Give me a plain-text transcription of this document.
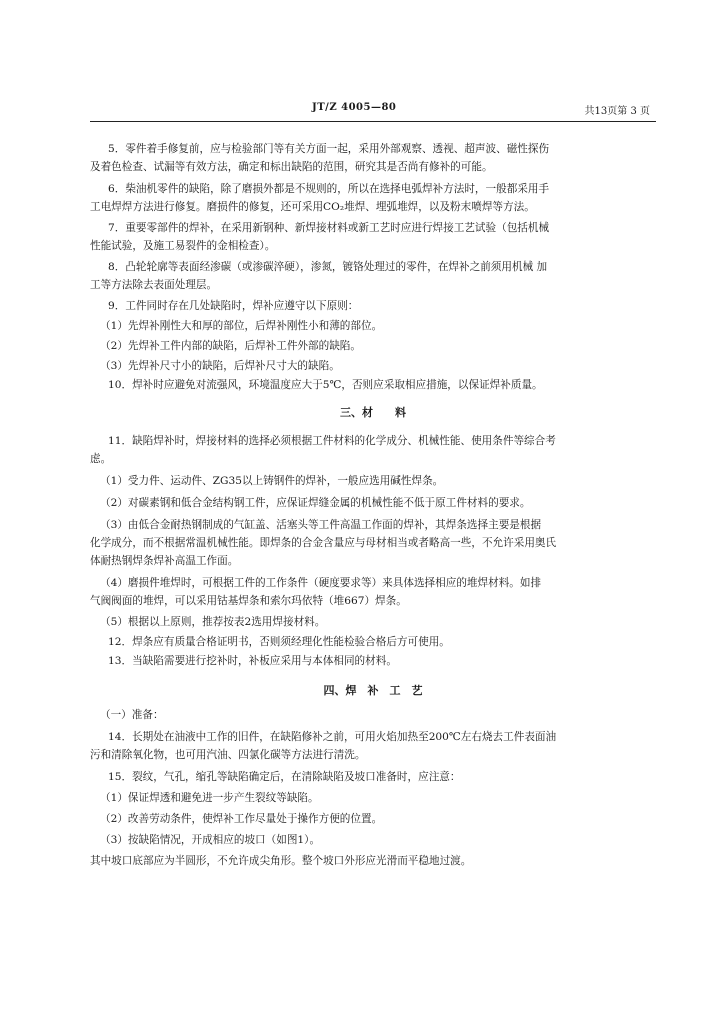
JT/Z 4005—80	共13页第 3 页
5．零件着手修复前，应与检验部门等有关方面一起，采用外部观察、透视、超声波、磁性探伤
及着色检查、试漏等有效方法，确定和标出缺陷的范围，研究其是否尚有修补的可能。
6．柴油机零件的缺陷，除了磨损外都是不规则的，所以在选择电弧焊补方法时，一般都采用手
工电焊焊方法进行修复。磨损件的修复，还可采用CO₂堆焊、埋弧堆焊，以及粉末喷焊等方法。
7．重要零部件的焊补，在采用新钢种、新焊接材料或新工艺时应进行焊接工艺试验（包括机械
性能试验，及施工易裂件的金相检查）。
8．凸轮轮廓等表面经渗碳（或渗碳淬硬），渗氮，镀铬处理过的零件，在焊补之前须用机械 加
工等方法除去表面处理层。
9．工件同时存在几处缺陷时，焊补应遵守以下原则：
（1）先焊补刚性大和厚的部位，后焊补刚性小和薄的部位。
（2）先焊补工件内部的缺陷，后焊补工件外部的缺陷。
（3）先焊补尺寸小的缺陷，后焊补尺寸大的缺陷。
10．焊补时应避免对流强风，环境温度应大于5℃，否则应采取相应措施，以保证焊补质量。
三、材　　料
11．缺陷焊补时，焊接材料的选择必须根据工件材料的化学成分、机械性能、使用条件等综合考
虑。
（1）受力件、运动件、ZG35以上铸钢件的焊补，一般应选用碱性焊条。
（2）对碳素钢和低合金结构钢工件，应保证焊缝金属的机械性能不低于原工件材料的要求。
（3）由低合金耐热钢制成的气缸盖、活塞头等工件高温工作面的焊补，其焊条选择主要是根据
化学成分，而不根据常温机械性能。即焊条的合金含量应与母材相当或者略高一些，不允许采用奥氏
体耐热钢焊条焊补高温工作面。
（4）磨损件堆焊时，可根据工件的工作条件（硬度要求等）来具体选择相应的堆焊材料。如排
气阀阀面的堆焊，可以采用钴基焊条和索尔玛依特（堆667）焊条。
（5）根据以上原则，推荐按表2选用焊接材料。
12．焊条应有质量合格证明书，否则须经理化性能检验合格后方可使用。
13．当缺陷需要进行挖补时，补板应采用与本体相同的材料。
四、焊　补　工　艺
（一）准备：
14．长期处在油液中工作的旧件，在缺陷修补之前，可用火焰加热至200℃左右烧去工件表面油
污和清除氧化物，也可用汽油、四氯化碳等方法进行清洗。
15．裂纹，气孔，缩孔等缺陷确定后，在清除缺陷及坡口准备时，应注意：
（1）保证焊透和避免进一步产生裂纹等缺陷。
（2）改善劳动条件，使焊补工作尽量处于操作方便的位置。
（3）按缺陷情况，开成相应的坡口（如图1）。
其中坡口底部应为半圆形，不允许成尖角形。整个坡口外形应光滑而平稳地过渡。
